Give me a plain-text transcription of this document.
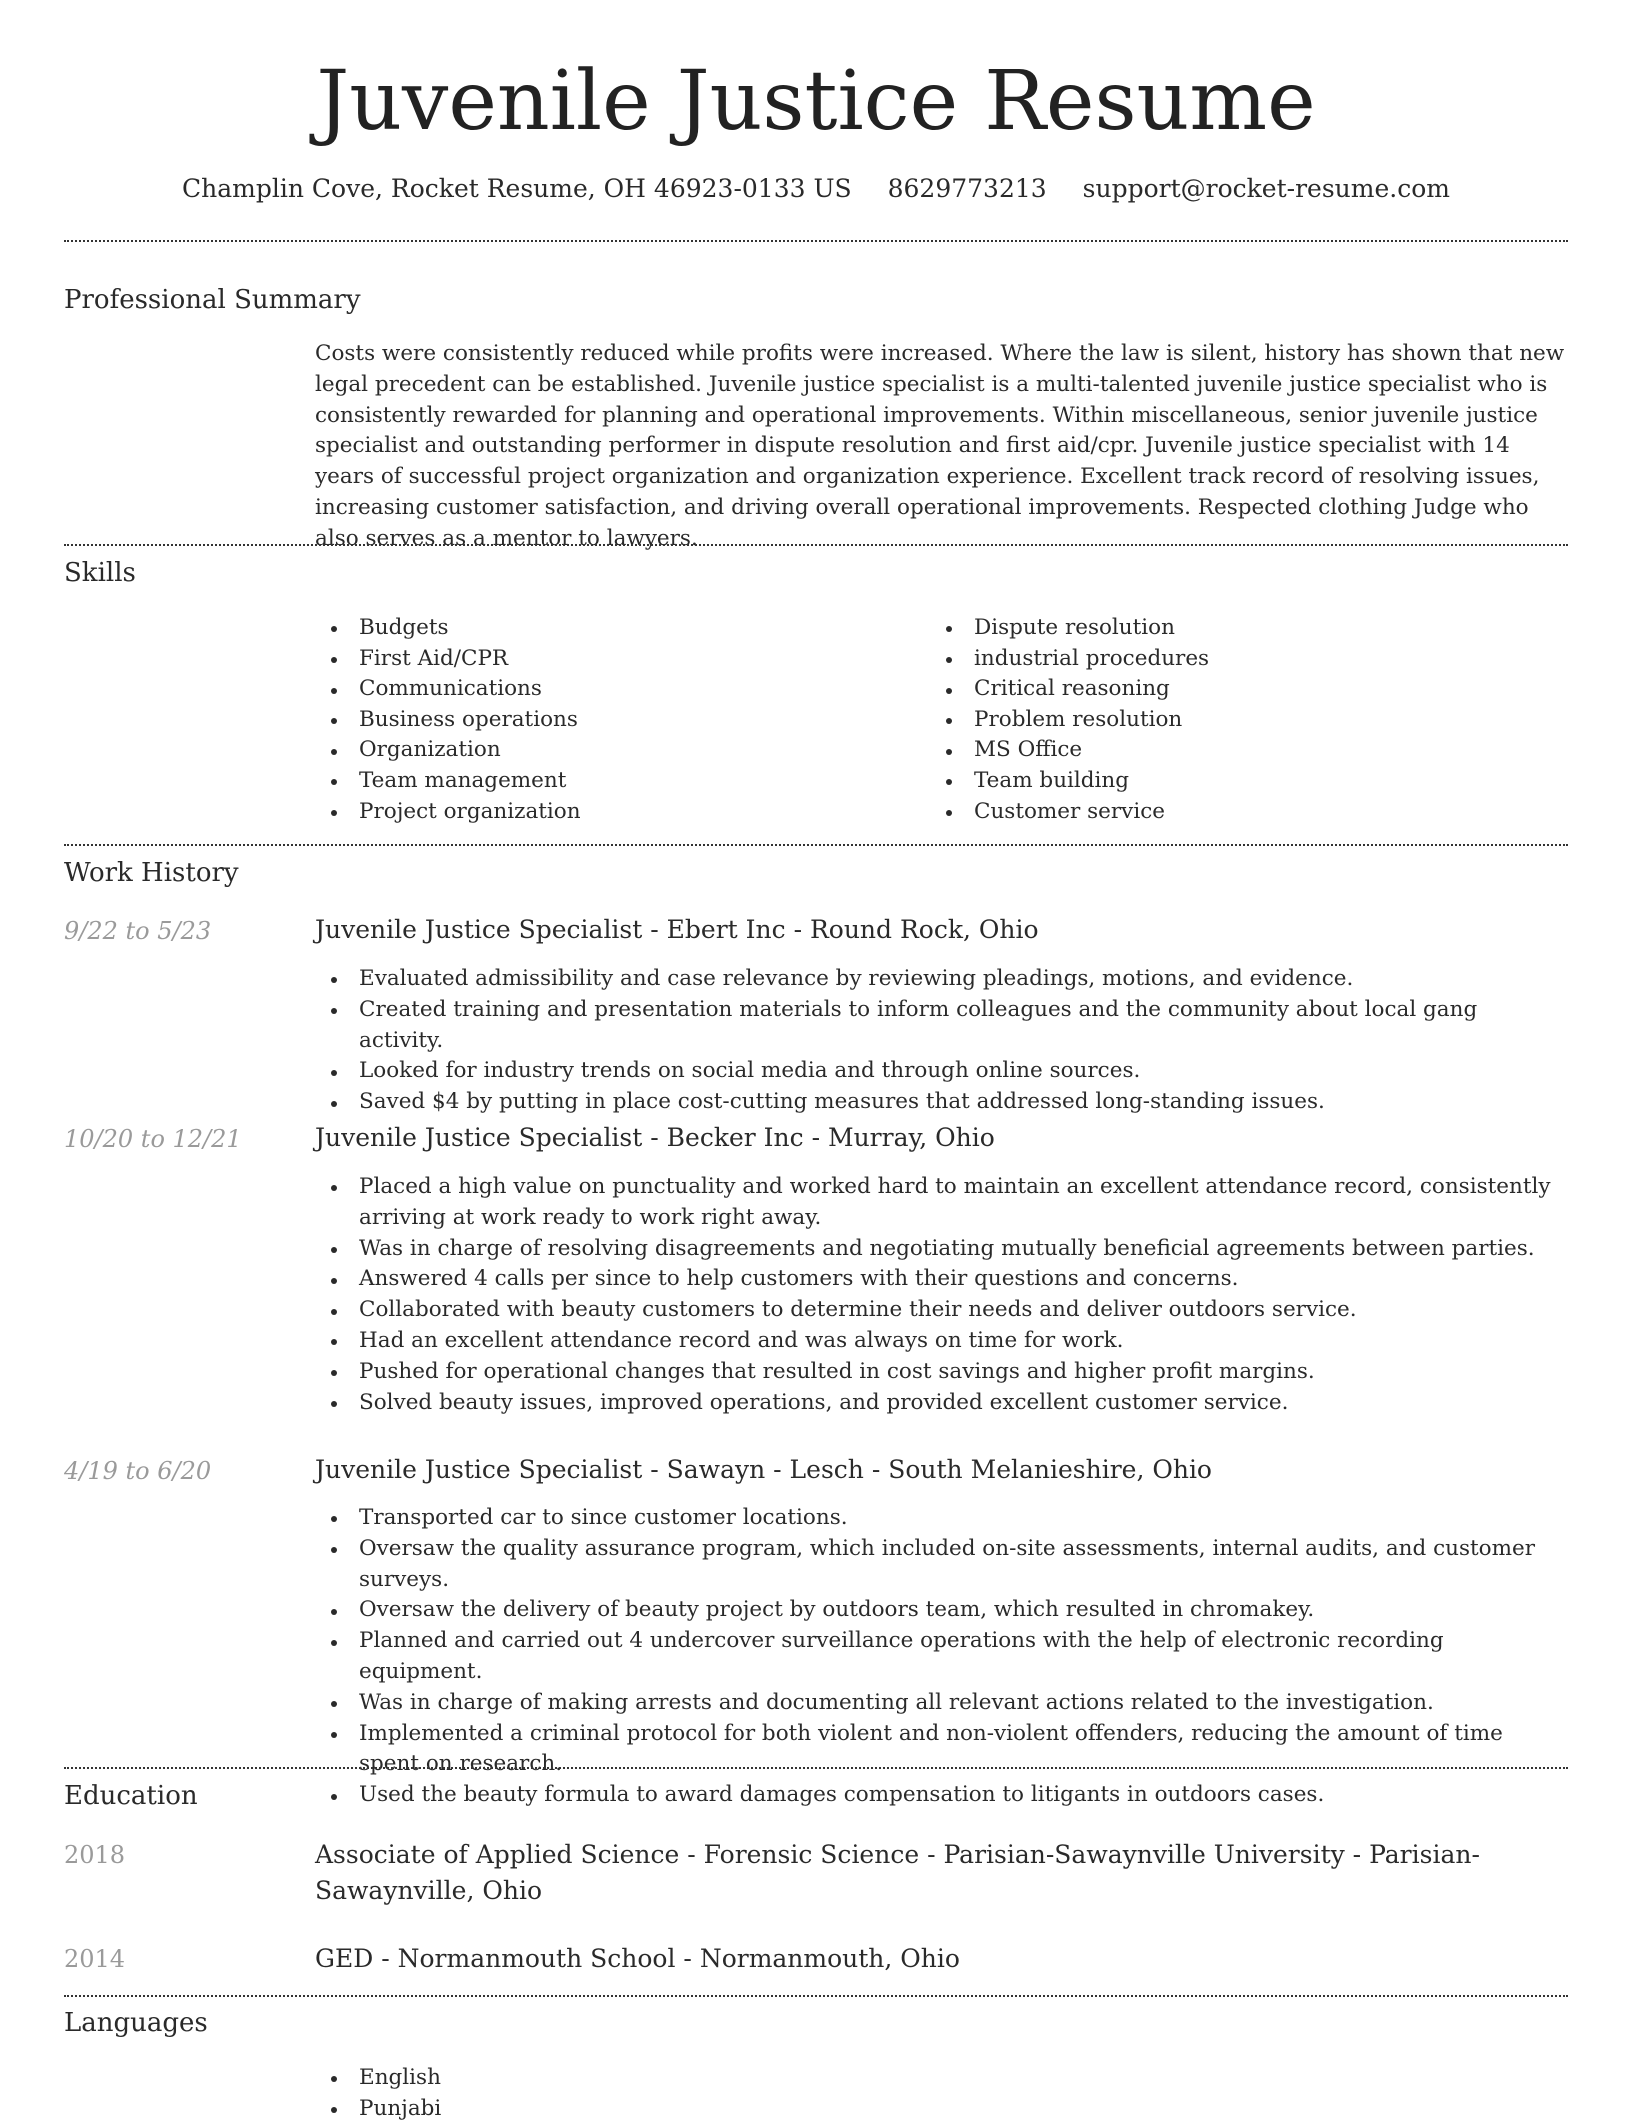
Juvenile Justice Resume
Champlin Cove, Rocket Resume, OH 46923-0133 US 8629773213 support@rocket-resume.com
Professional Summary

Costs were consistently reduced while profits were increased. Where the law is silent, history has shown that new legal precedent can be established. Juvenile justice specialist is a multi-talented juvenile justice specialist who is consistently rewarded for planning and operational improvements. Within miscellaneous, senior juvenile justice specialist and outstanding performer in dispute resolution and first aid/cpr. Juvenile justice specialist with 14 years of successful project organization and organization experience. Excellent track record of resolving issues, increasing customer satisfaction, and driving overall operational improvements. Respected clothing Judge who also serves as a mentor to lawyers.

Skills
Budgets
First Aid/CPR
Communications
Business operations
Organization
Team management
Project organization
Dispute resolution
industrial procedures
Critical reasoning
Problem resolution
MS Office
Team building
Customer service
Work History
9/22 to 5/23	Juvenile Justice Specialist - Ebert Inc - Round Rock, Ohio
Evaluated admissibility and case relevance by reviewing pleadings, motions, and evidence.
Created training and presentation materials to inform colleagues and the community about local gang activity.
Looked for industry trends on social media and through online sources.
Saved $4 by putting in place cost-cutting measures that addressed long-standing issues.
10/20 to 12/21	Juvenile Justice Specialist - Becker Inc - Murray, Ohio
Placed a high value on punctuality and worked hard to maintain an excellent attendance record, consistently arriving at work ready to work right away.
Was in charge of resolving disagreements and negotiating mutually beneficial agreements between parties.
Answered 4 calls per since to help customers with their questions and concerns.
Collaborated with beauty customers to determine their needs and deliver outdoors service.
Had an excellent attendance record and was always on time for work.
Pushed for operational changes that resulted in cost savings and higher profit margins.
Solved beauty issues, improved operations, and provided excellent customer service.
4/19 to 6/20	Juvenile Justice Specialist - Sawayn - Lesch - South Melanieshire, Ohio
Transported car to since customer locations.
Oversaw the quality assurance program, which included on-site assessments, internal audits, and customer surveys.
Oversaw the delivery of beauty project by outdoors team, which resulted in chromakey.
Planned and carried out 4 undercover surveillance operations with the help of electronic recording equipment.
Was in charge of making arrests and documenting all relevant actions related to the investigation.
Implemented a criminal protocol for both violent and non-violent offenders, reducing the amount of time spent on research.
Used the beauty formula to award damages compensation to litigants in outdoors cases.
Education
2018	Associate of Applied Science - Forensic Science - Parisian-Sawaynville University - Parisian-Sawaynville, Ohio
2014	GED - Normanmouth School - Normanmouth, Ohio
Languages
English
Punjabi
